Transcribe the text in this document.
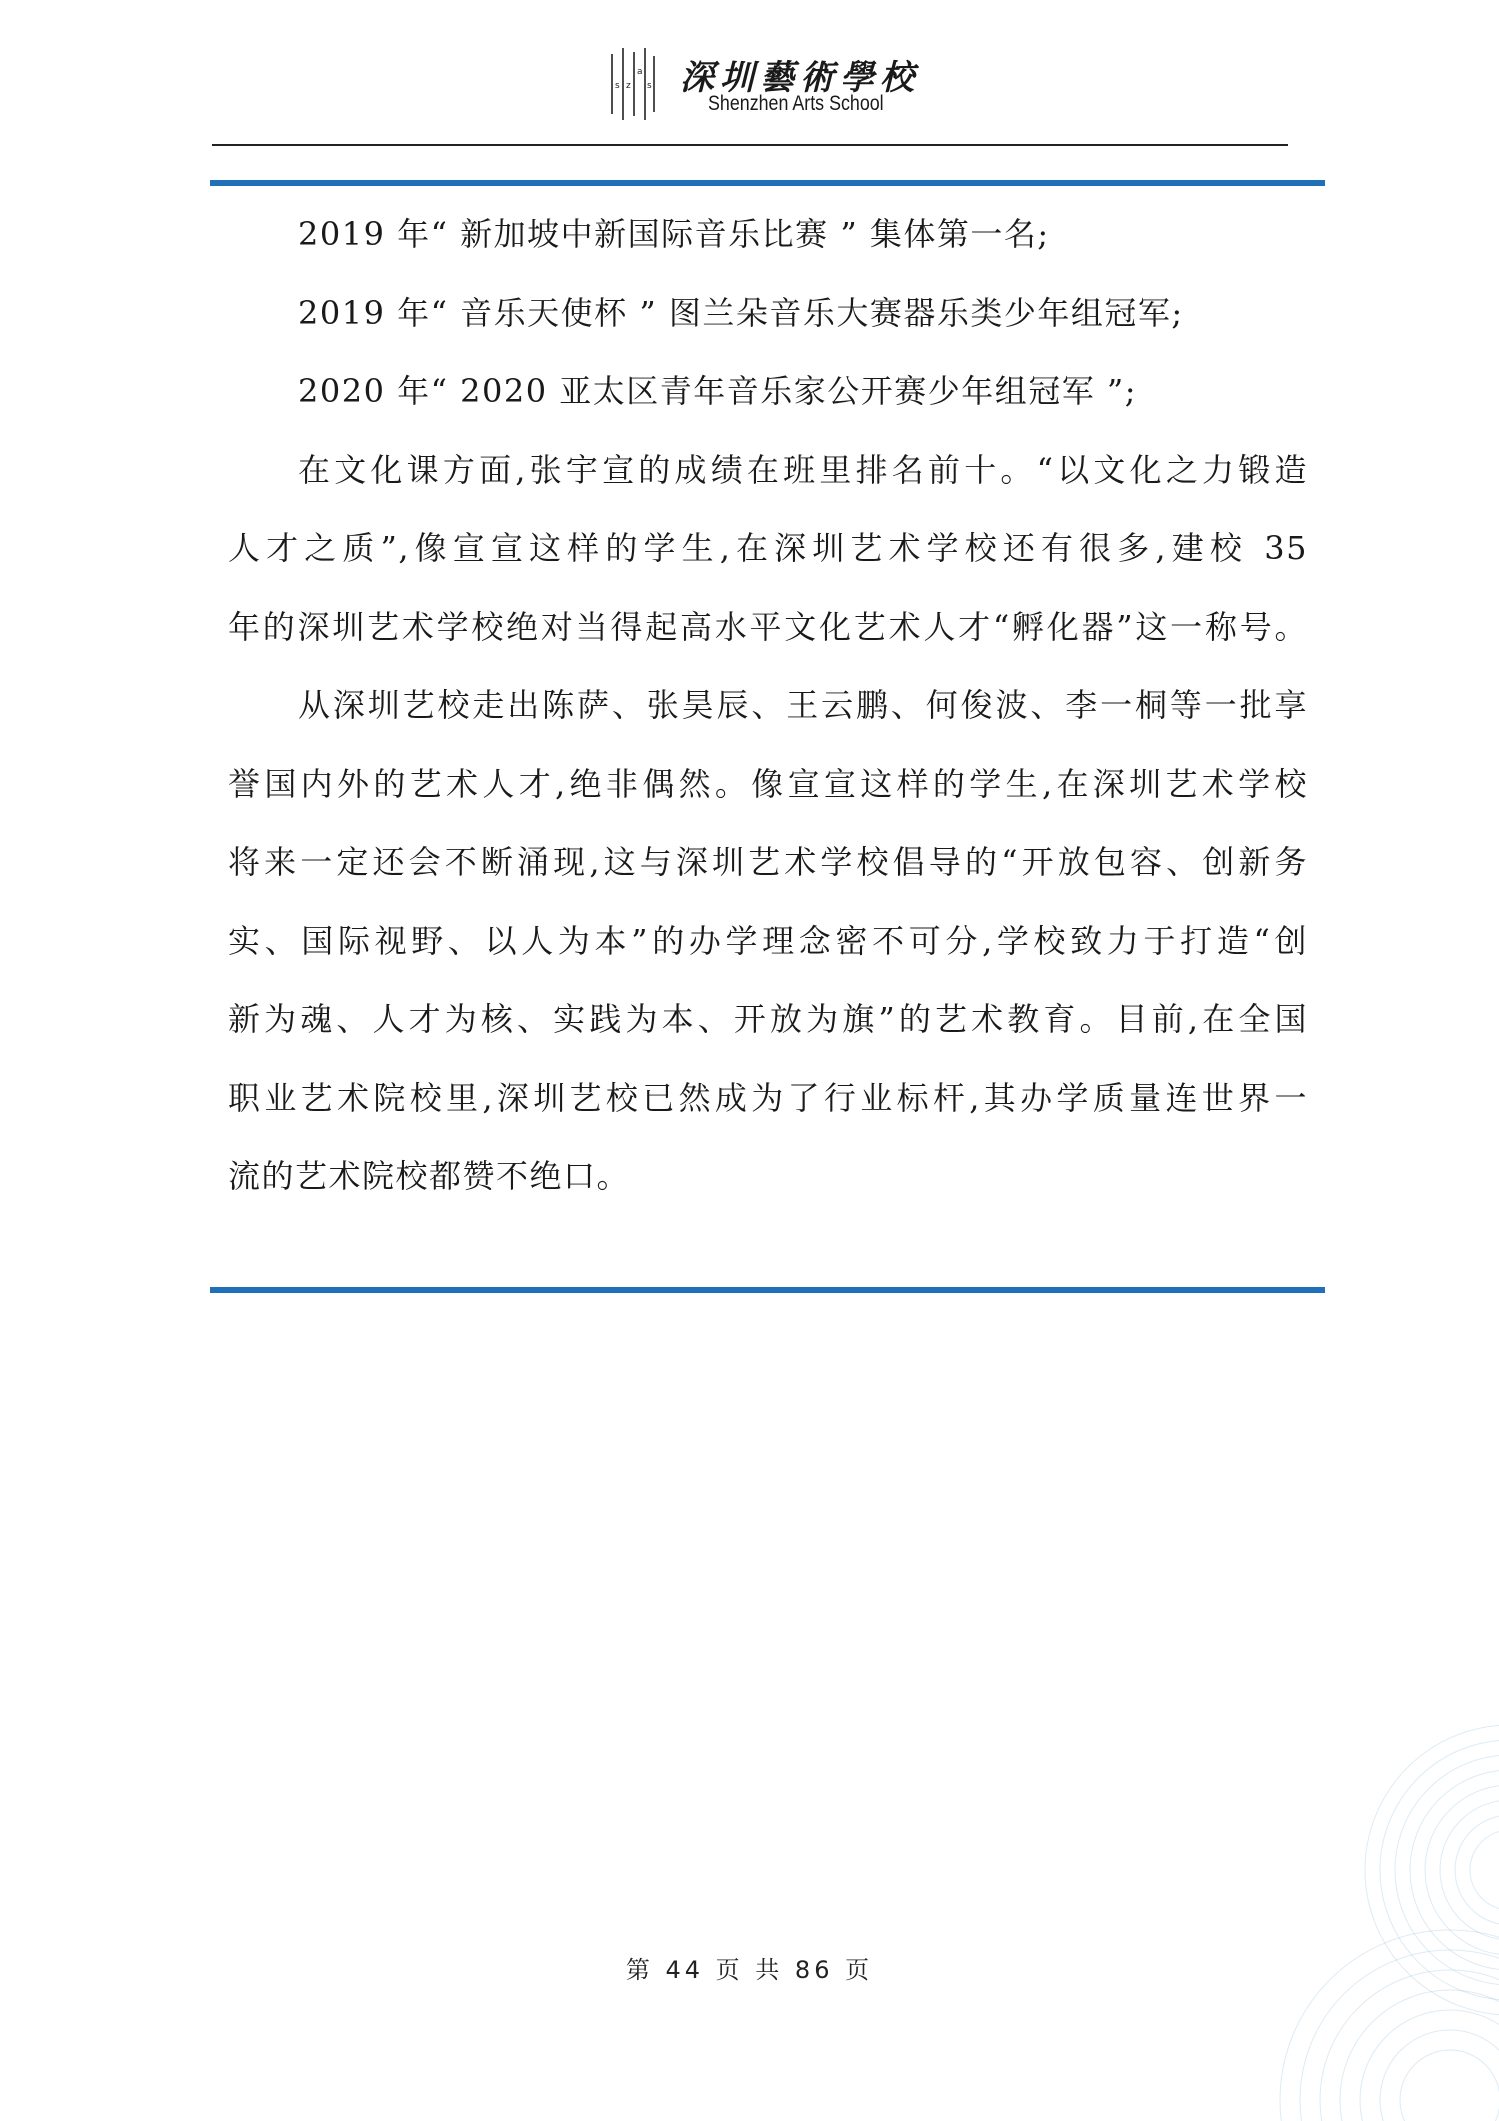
s z
a
s 深圳藝術學校
Shenzhen Arts School
2019 年“ 新加坡中新国际音乐比赛 ” 集体第一名;
2019 年“ 音乐天使杯 ” 图兰朵音乐大赛器乐类少年组冠军;
2020 年“ 2020 亚太区青年音乐家公开赛少年组冠军 ”;
在文化课方面,张宇宣的成绩在班里排名前十。“以文化之力锻造
人才之质”,像宣宣这样的学生,在深圳艺术学校还有很多,建校 35
年的深圳艺术学校绝对当得起高水平文化艺术人才“孵化器”这一称号。
从深圳艺校走出陈萨、张昊辰、王云鹏、何俊波、李一桐等一批享
誉国内外的艺术人才,绝非偶然。像宣宣这样的学生,在深圳艺术学校
将来一定还会不断涌现,这与深圳艺术学校倡导的“开放包容、创新务
实、国际视野、以人为本”的办学理念密不可分,学校致力于打造“创
新为魂、人才为核、实践为本、开放为旗”的艺术教育。目前,在全国
职业艺术院校里,深圳艺校已然成为了行业标杆,其办学质量连世界一
流的艺术院校都赞不绝口。
第 44 页 共 86 页
